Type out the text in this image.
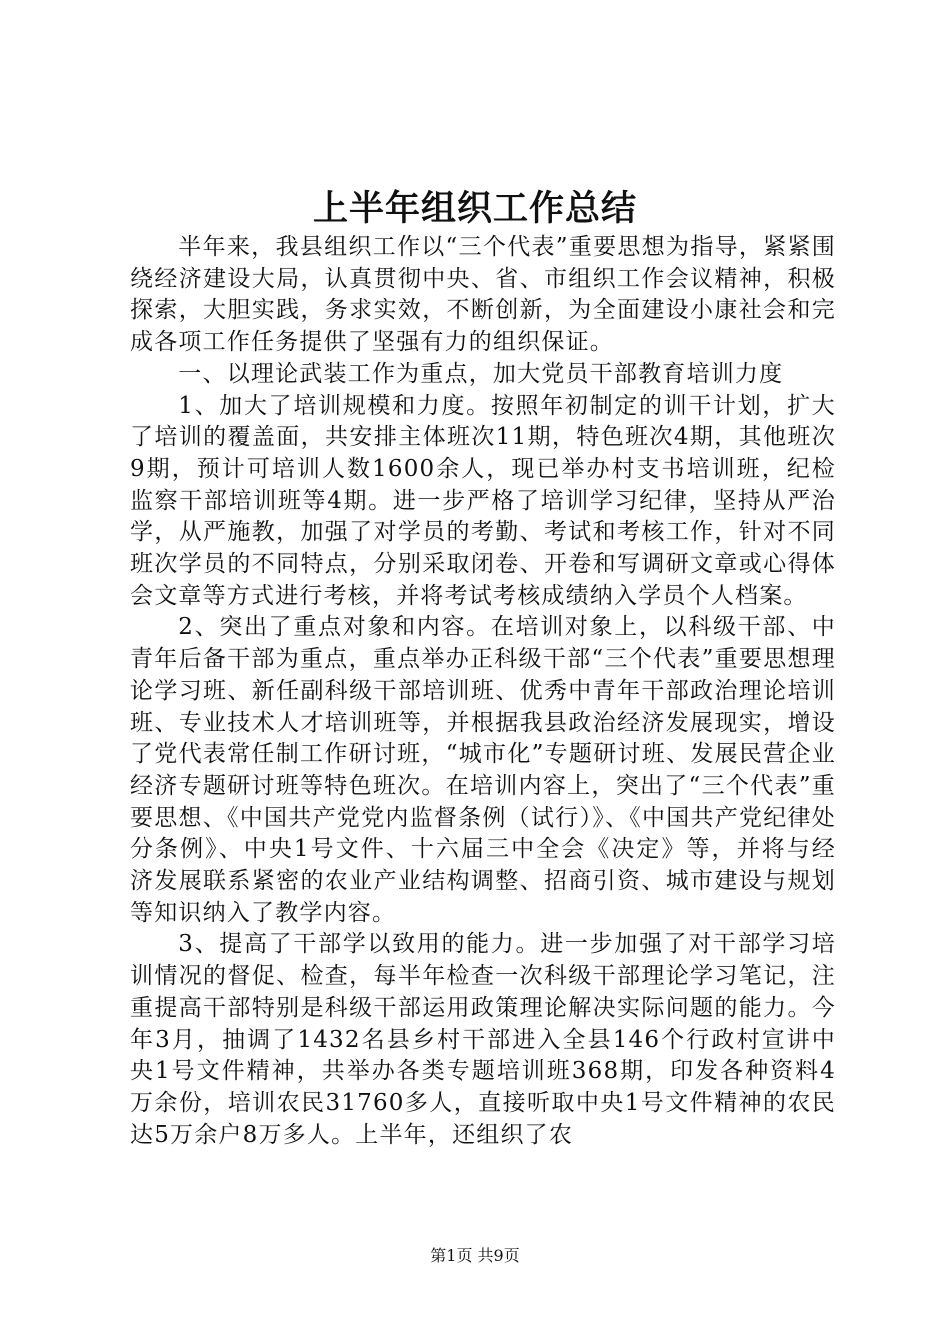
上半年组织工作总结

半年来，我县组织工作以“三个代表”重要思想为指导，紧紧围绕经济建设大局，认真贯彻中央、省、市组织工作会议精神，积极探索，大胆实践，务求实效，不断创新，为全面建设小康社会和完成各项工作任务提供了坚强有力的组织保证。

一、以理论武装工作为重点，加大党员干部教育培训力度

1、加大了培训规模和力度。按照年初制定的训干计划，扩大了培训的覆盖面，共安排主体班次11期，特色班次4期，其他班次9期，预计可培训人数1600余人，现已举办村支书培训班，纪检监察干部培训班等4期。进一步严格了培训学习纪律，坚持从严治学，从严施教，加强了对学员的考勤、考试和考核工作，针对不同班次学员的不同特点，分别采取闭卷、开卷和写调研文章或心得体会文章等方式进行考核，并将考试考核成绩纳入学员个人档案。

2、突出了重点对象和内容。在培训对象上，以科级干部、中青年后备干部为重点，重点举办正科级干部“三个代表”重要思想理论学习班、新任副科级干部培训班、优秀中青年干部政治理论培训班、专业技术人才培训班等，并根据我县政治经济发展现实，增设了党代表常任制工作研讨班，“城市化”专题研讨班、发展民营企业经济专题研讨班等特色班次。在培训内容上，突出了“三个代表”重要思想、《中国共产党党内监督条例（试行）》、《中国共产党纪律处分条例》、中央1号文件、十六届三中全会《决定》等，并将与经济发展联系紧密的农业产业结构调整、招商引资、城市建设与规划等知识纳入了教学内容。

3、提高了干部学以致用的能力。进一步加强了对干部学习培训情况的督促、检查，每半年检查一次科级干部理论学习笔记，注重提高干部特别是科级干部运用政策理论解决实际问题的能力。今年3月，抽调了1432名县乡村干部进入全县146个行政村宣讲中央1号文件精神，共举办各类专题培训班368期，印发各种资料4万余份，培训农民31760多人，直接听取中央1号文件精神的农民达5万余户8万多人。上半年，还组织了农

第1页 共9页
